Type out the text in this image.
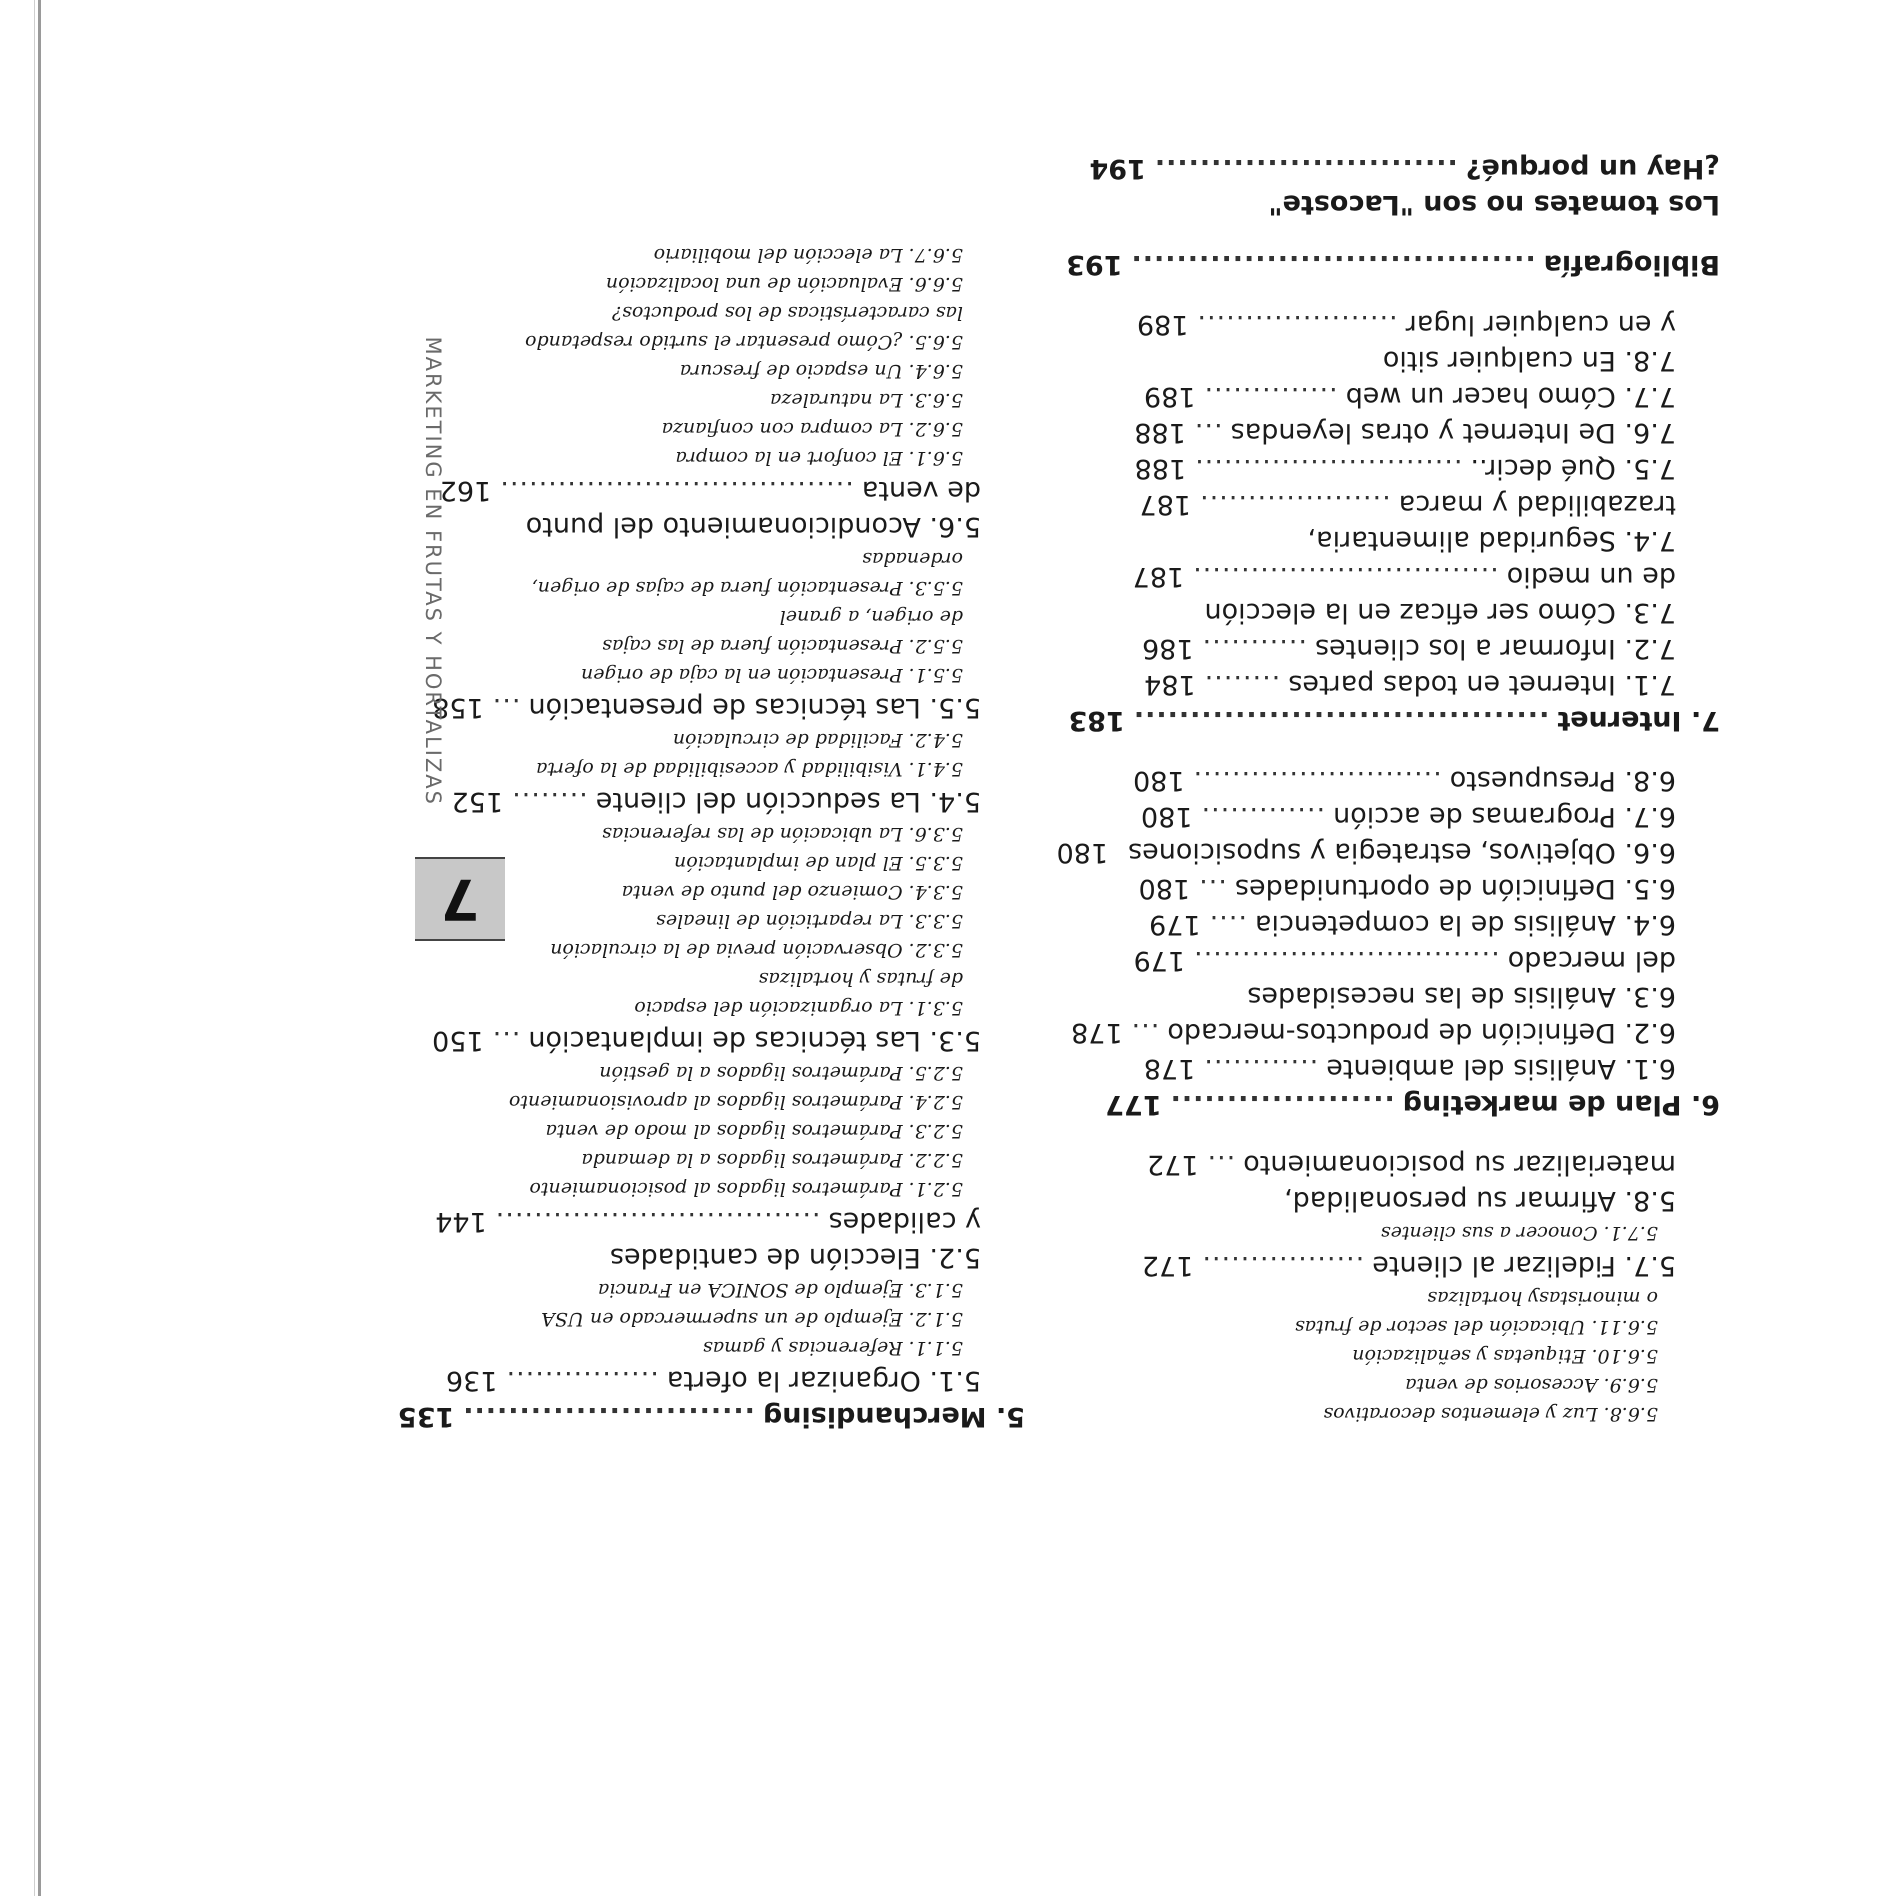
5. Merchandising
..........................
135
5.1. Organizar la oferta
................
136
5.1.1. Referencias y gamas
5.1.2. Ejemplo de un supermercado en USA
5.1.3. Ejemplo de SONICA en Francia
5.2. Elección de cantidades
y calidades
..................................
144
5.2.1. Parámetros ligados al posicionamiento
5.2.2. Parámetros ligados a la demanda
5.2.3. Parámetros ligados al modo de venta
5.2.4. Parámetros ligados al aprovisionamiento
5.2.5. Parámetros ligados a la gestión
5.3. Las técnicas de implantación
...
150
5.3.1. La organización del espacio
de frutas y hortalizas
5.3.2. Observación previa de la circulación
5.3.3. La repartición de lineales
5.3.4. Comienzo del punto de venta
5.3.5. El plan de implantación
5.3.6. La ubicación de las referencias
5.4. La seducción del cliente
........
152
5.4.1. Visibilidad y accesibilidad de la oferta
5.4.2. Facilidad de circulación
5.5. Las técnicas de presentación
...
158
5.5.1. Presentación en la caja de origen
5.5.2. Presentación fuera de las cajas
de origen, a granel
5.5.3. Presentación fuera de cajas de origen,
ordenadas
5.6. Acondicionamiento del punto
de venta
.....................................
162
5.6.1. El confort en la compra
5.6.2. La compra con confianza
5.6.3. La naturaleza
5.6.4. Un espacio de frescura
5.6.5. ¿Cómo presentar el surtido respetando
las características de los productos?
5.6.6. Evaluación de una localización
5.6.7. La elección del mobiliario
5.6.8. Luz y elementos decorativos
5.6.9. Accesorios de venta
5.6.10. Etiquetas y señalización
5.6.11. Ubicación del sector de frutas
o minoristasy hortalizas
5.7. Fidelizar al cliente
.................
172
5.7.1. Conocer a sus clientes
5.8. Afirmar su personalidad,
materializar su posicionamiento
...
172
6. Plan de marketing
....................
177
6.1. Análisis del ambiente
............
178
6.2. Definición de productos-mercado
...
178
6.3. Análisis de las necesidades
del mercado
................................
179
6.4. Análisis de la competencia
....
179
6.5. Definición de oportunidades
...
180
6.6. Objetivos, estrategia y suposiciones
180
6.7. Programas de acción
.............
180
6.8. Presupuesto
..........................
180
7. Internet
.....................................
183
7.1. Internet en todas partes
........
184
7.2. Informar a los clientes
...........
186
7.3. Cómo ser eficaz en la elección
de un medio
................................
187
7.4. Seguridad alimentaria,
trazabilidad y marca
....................
187
7.5. Qué decir..
............................
188
7.6. De Internet y otras leyendas
...
188
7.7. Cómo hacer un web
..............
189
7.8. En cualquier sitio
y en cualquier lugar
.....................
189
Bibliografía
....................................
193
Los tomates no son "Lacoste"
¿Hay un porqué?
...........................
194
7
MARKETING EN FRUTAS Y HORTALIZAS
